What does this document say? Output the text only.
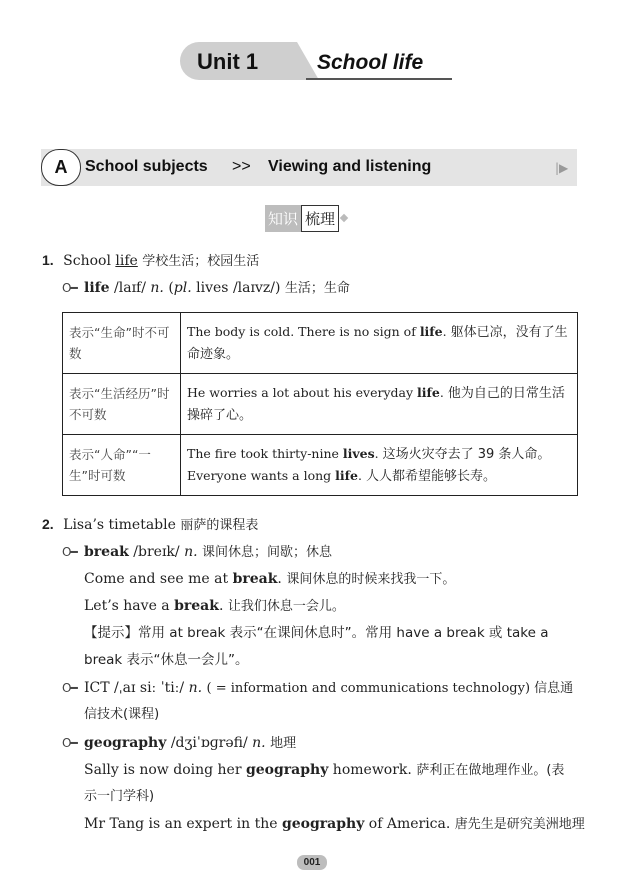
Unit 1	School life
A	School subjects >> Viewing and listening	|▶
知识 梳理
1. School life 学校生活；校园生活
O━ life /laɪf/ n. (pl. lives /laɪvz/) 生活；生命
表示“生命”时不可数	The body is cold. There is no sign of life. 躯体已凉，没有了生命迹象。
表示“生活经历”时不可数	He worries a lot about his everyday life. 他为自己的日常生活操碎了心。
表示“人命”“一生”时可数	The fire took thirty-nine lives. 这场火灾夺去了 39 条人命。
Everyone wants a long life. 人人都希望能够长寿。
2. Lisa’s timetable 丽萨的课程表
O━ break /breɪk/ n. 课间休息；间歇；休息
Come and see me at break. 课间休息的时候来找我一下。
Let’s have a break. 让我们休息一会儿。
【提示】常用 at break 表示“在课间休息时”。常用 have a break 或 take a
break 表示“休息一会儿”。
O━ ICT /ˌaɪ siː ˈtiː/ n. ( = information and communications technology) 信息通
信技术(课程)
O━ geography /dʒiˈɒɡrəfi/ n. 地理
Sally is now doing her geography homework. 萨利正在做地理作业。(表
示一门学科)
Mr Tang is an expert in the geography of America. 唐先生是研究美洲地理
001
